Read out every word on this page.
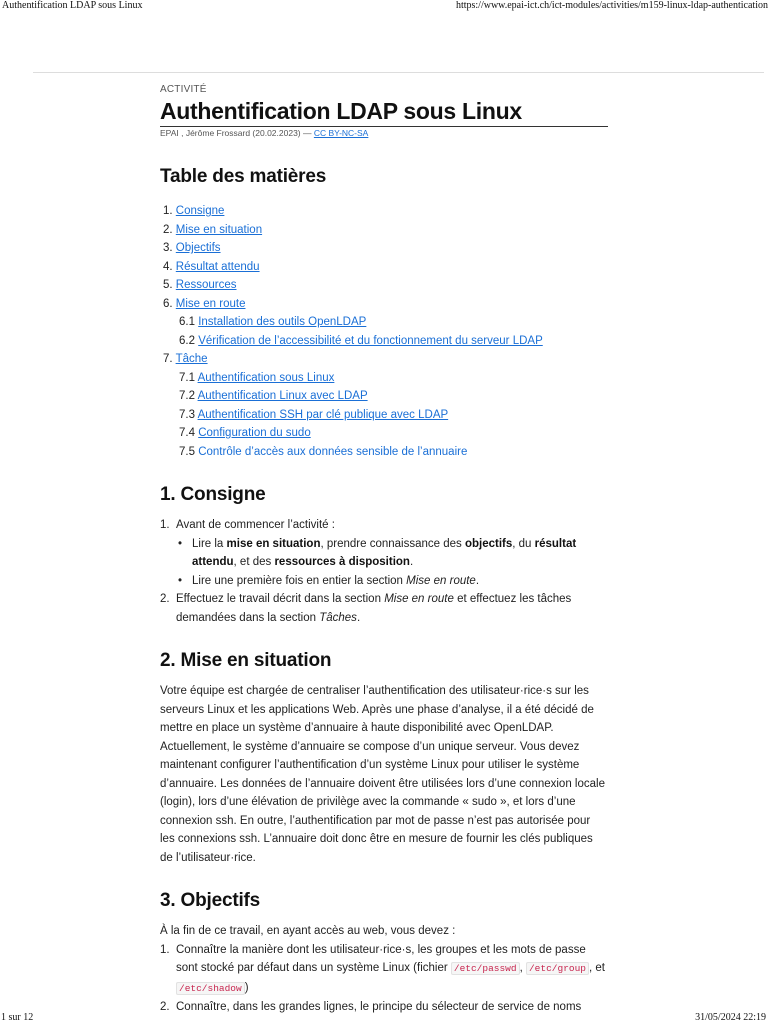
Authentification LDAP sous Linux	https://www.epai-ict.ch/ict-modules/activities/m159-linux-ldap-authentication
ACTIVITÉ
Authentification LDAP sous Linux
EPAI , Jérôme Frossard (20.02.2023) — CC BY-NC-SA
Table des matières
1. Consigne
2. Mise en situation
3. Objectifs
4. Résultat attendu
5. Ressources
6. Mise en route
6.1 Installation des outils OpenLDAP
6.2 Vérification de l’accessibilité et du fonctionnement du serveur LDAP
7. Tâche
7.1 Authentification sous Linux
7.2 Authentification Linux avec LDAP
7.3 Authentification SSH par clé publique avec LDAP
7.4 Configuration du sudo
7.5 Contrôle d’accès aux données sensible de l’annuaire
1. Consigne
1. Avant de commencer l’activité :
• Lire la mise en situation, prendre connaissance des objectifs, du résultat attendu, et des ressources à disposition.
• Lire une première fois en entier la section Mise en route.
2. Effectuez le travail décrit dans la section Mise en route et effectuez les tâches demandées dans la section Tâches.
2. Mise en situation

Votre équipe est chargée de centraliser l’authentification des utilisateur·rice·s sur les serveurs Linux et les applications Web. Après une phase d’analyse, il a été décidé de mettre en place un système d’annuaire à haute disponibilité avec OpenLDAP. Actuellement, le système d’annuaire se compose d’un unique serveur. Vous devez maintenant configurer l’authentification d’un système Linux pour utiliser le système d’annuaire. Les données de l’annuaire doivent être utilisées lors d’une connexion locale (login), lors d’une élévation de privilège avec la commande « sudo », et lors d’une connexion ssh. En outre, l’authentification par mot de passe n’est pas autorisée pour les connexions ssh. L’annuaire doit donc être en mesure de fournir les clés publiques de l’utilisateur·rice.

3. Objectifs

À la fin de ce travail, en ayant accès au web, vous devez :

1. Connaître la manière dont les utilisateur·rice·s, les groupes et les mots de passe sont stocké par défaut dans un système Linux (fichier /etc/passwd , /etc/group , et /etc/shadow )
2. Connaître, dans les grandes lignes, le principe du sélecteur de service de noms
1 sur 12	31/05/2024 22:19
